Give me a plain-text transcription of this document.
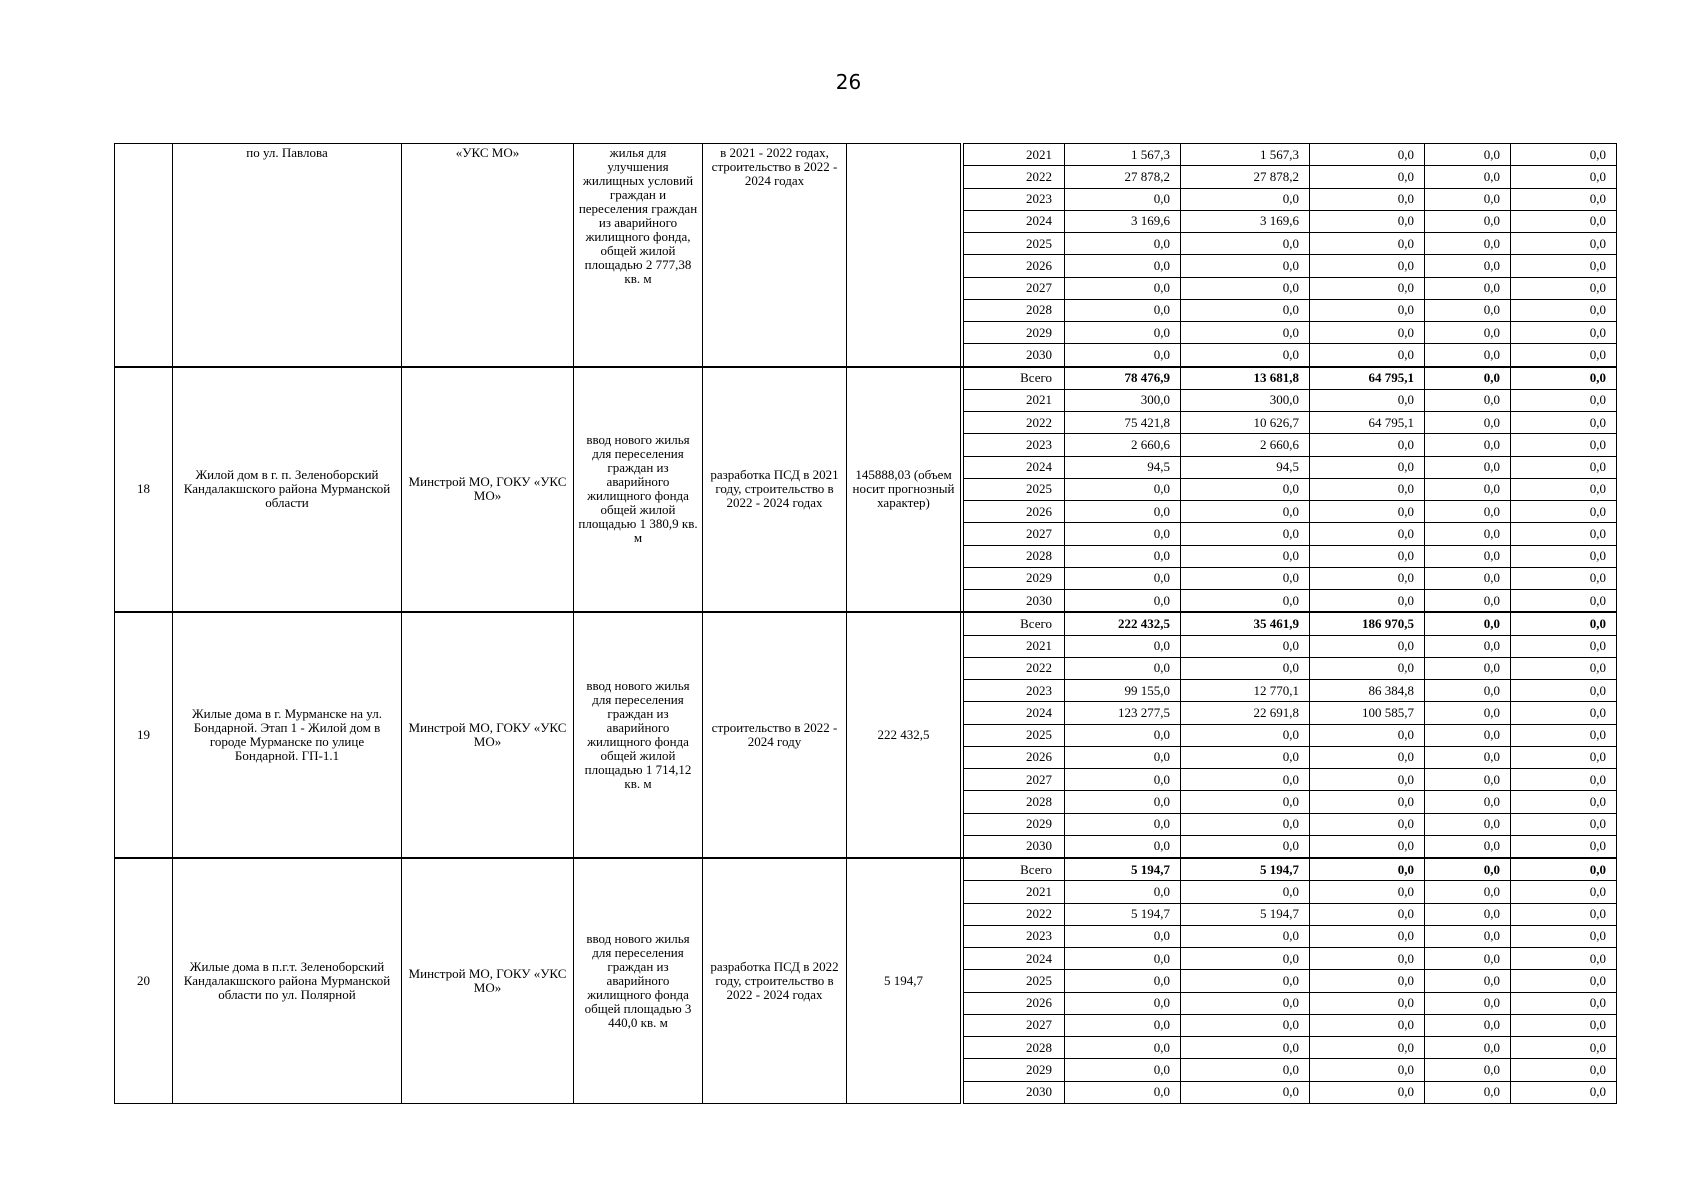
26
	по ул. Павлова	«УКС МО»	жилья для улучшения жилищных условий граждан и переселения граждан из аварийного жилищного фонда, общей жилой площадью 2 777,38 кв. м	в 2021 - 2022 годах, строительство в 2022 - 2024 годах			2021	1 567,3	1 567,3	0,0	0,0	0,0
							2022	27 878,2	27 878,2	0,0	0,0	0,0
							2023	0,0	0,0	0,0	0,0	0,0
							2024	3 169,6	3 169,6	0,0	0,0	0,0
							2025	0,0	0,0	0,0	0,0	0,0
							2026	0,0	0,0	0,0	0,0	0,0
							2027	0,0	0,0	0,0	0,0	0,0
							2028	0,0	0,0	0,0	0,0	0,0
							2029	0,0	0,0	0,0	0,0	0,0
							2030	0,0	0,0	0,0	0,0	0,0
18	Жилой дом в г. п. Зеленоборский Кандалакшского района Мурманской области	Минстрой МО, ГОКУ «УКС МО»	ввод нового жилья для переселения граждан из аварийного жилищного фонда общей жилой площадью 1 380,9 кв. м	разработка ПСД в 2021 году, строительство в 2022 - 2024 годах	145888,03 (объем носит прогнозный характер)		Всего	78 476,9	13 681,8	64 795,1	0,0	0,0
							2021	300,0	300,0	0,0	0,0	0,0
							2022	75 421,8	10 626,7	64 795,1	0,0	0,0
							2023	2 660,6	2 660,6	0,0	0,0	0,0
							2024	94,5	94,5	0,0	0,0	0,0
							2025	0,0	0,0	0,0	0,0	0,0
							2026	0,0	0,0	0,0	0,0	0,0
							2027	0,0	0,0	0,0	0,0	0,0
							2028	0,0	0,0	0,0	0,0	0,0
							2029	0,0	0,0	0,0	0,0	0,0
							2030	0,0	0,0	0,0	0,0	0,0
19	Жилые дома в г. Мурманске на ул. Бондарной. Этап 1 - Жилой дом в городе Мурманске по улице Бондарной. ГП-1.1	Минстрой МО, ГОКУ «УКС МО»	ввод нового жилья для переселения граждан из аварийного жилищного фонда общей жилой площадью 1 714,12 кв. м	строительство в 2022 - 2024 году	222 432,5		Всего	222 432,5	35 461,9	186 970,5	0,0	0,0
							2021	0,0	0,0	0,0	0,0	0,0
							2022	0,0	0,0	0,0	0,0	0,0
							2023	99 155,0	12 770,1	86 384,8	0,0	0,0
							2024	123 277,5	22 691,8	100 585,7	0,0	0,0
							2025	0,0	0,0	0,0	0,0	0,0
							2026	0,0	0,0	0,0	0,0	0,0
							2027	0,0	0,0	0,0	0,0	0,0
							2028	0,0	0,0	0,0	0,0	0,0
							2029	0,0	0,0	0,0	0,0	0,0
							2030	0,0	0,0	0,0	0,0	0,0
20	Жилые дома в п.г.т. Зеленоборский Кандалакшского района Мурманской области по ул. Полярной	Минстрой МО, ГОКУ «УКС МО»	ввод нового жилья для переселения граждан из аварийного жилищного фонда общей площадью 3 440,0 кв. м	разработка ПСД в 2022 году, строительство в 2022 - 2024 годах	5 194,7		Всего	5 194,7	5 194,7	0,0	0,0	0,0
							2021	0,0	0,0	0,0	0,0	0,0
							2022	5 194,7	5 194,7	0,0	0,0	0,0
							2023	0,0	0,0	0,0	0,0	0,0
							2024	0,0	0,0	0,0	0,0	0,0
							2025	0,0	0,0	0,0	0,0	0,0
							2026	0,0	0,0	0,0	0,0	0,0
							2027	0,0	0,0	0,0	0,0	0,0
							2028	0,0	0,0	0,0	0,0	0,0
							2029	0,0	0,0	0,0	0,0	0,0
							2030	0,0	0,0	0,0	0,0	0,0
